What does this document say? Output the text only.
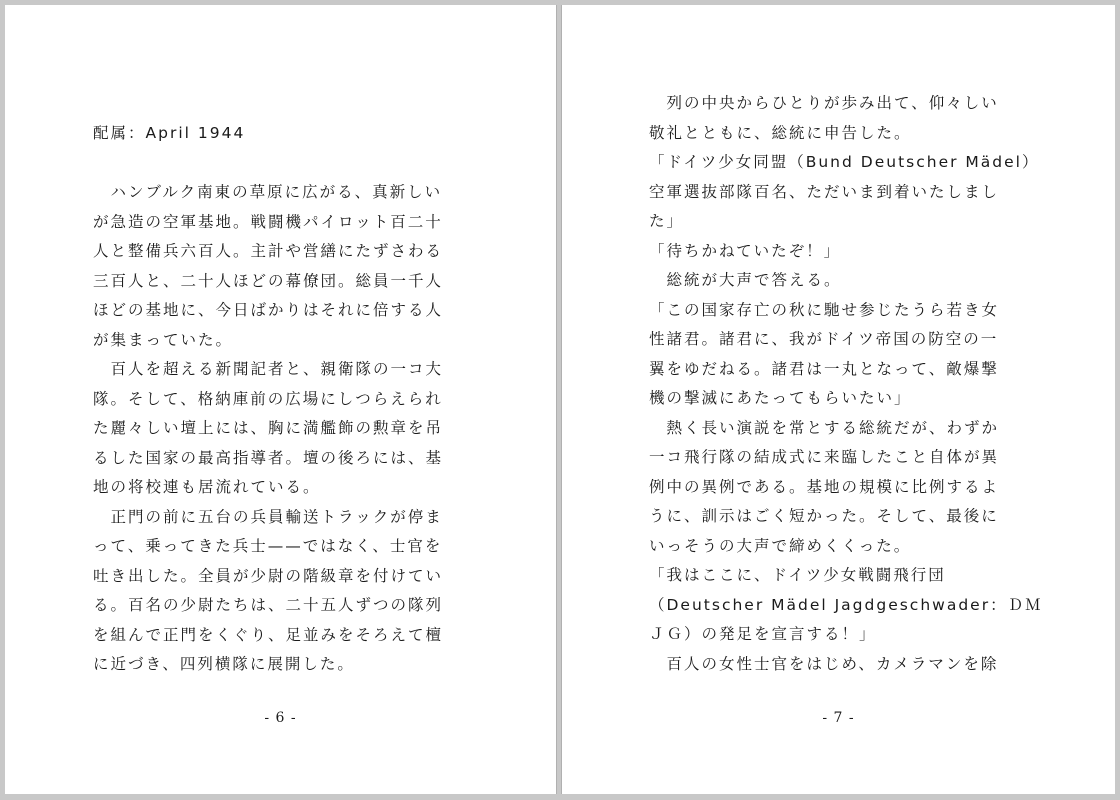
配属：April 1944
　ハンブルク南東の草原に広がる、真新しい
が急造の空軍基地。戦闘機パイロット百二十
人と整備兵六百人。主計や営繕にたずさわる
三百人と、二十人ほどの幕僚団。総員一千人
ほどの基地に、今日ばかりはそれに倍する人
が集まっていた。
　百人を超える新聞記者と、親衛隊の一コ大
隊。そして、格納庫前の広場にしつらえられ
た麗々しい壇上には、胸に満艦飾の勲章を吊
るした国家の最高指導者。壇の後ろには、基
地の将校連も居流れている。
　正門の前に五台の兵員輸送トラックが停ま
って、乗ってきた兵士——ではなく、士官を
吐き出した。全員が少尉の階級章を付けてい
る。百名の少尉たちは、二十五人ずつの隊列
を組んで正門をくぐり、足並みをそろえて檀
に近づき、四列横隊に展開した。
- 6 -
　列の中央からひとりが歩み出て、仰々しい
敬礼とともに、総統に申告した。
「ドイツ少女同盟（Bund Deutscher Mädel）
空軍選抜部隊百名、ただいま到着いたしまし
た」
「待ちかねていたぞ！」
　総統が大声で答える。
「この国家存亡の秋に馳せ参じたうら若き女
性諸君。諸君に、我がドイツ帝国の防空の一
翼をゆだねる。諸君は一丸となって、敵爆撃
機の撃滅にあたってもらいたい」
　熱く長い演説を常とする総統だが、わずか
一コ飛行隊の結成式に来臨したこと自体が異
例中の異例である。基地の規模に比例するよ
うに、訓示はごく短かった。そして、最後に
いっそうの大声で締めくくった。
「我はここに、ドイツ少女戦闘飛行団
（Deutscher Mädel Jagdgeschwader：ＤＭ
ＪＧ）の発足を宣言する！」
　百人の女性士官をはじめ、カメラマンを除
- 7 -
